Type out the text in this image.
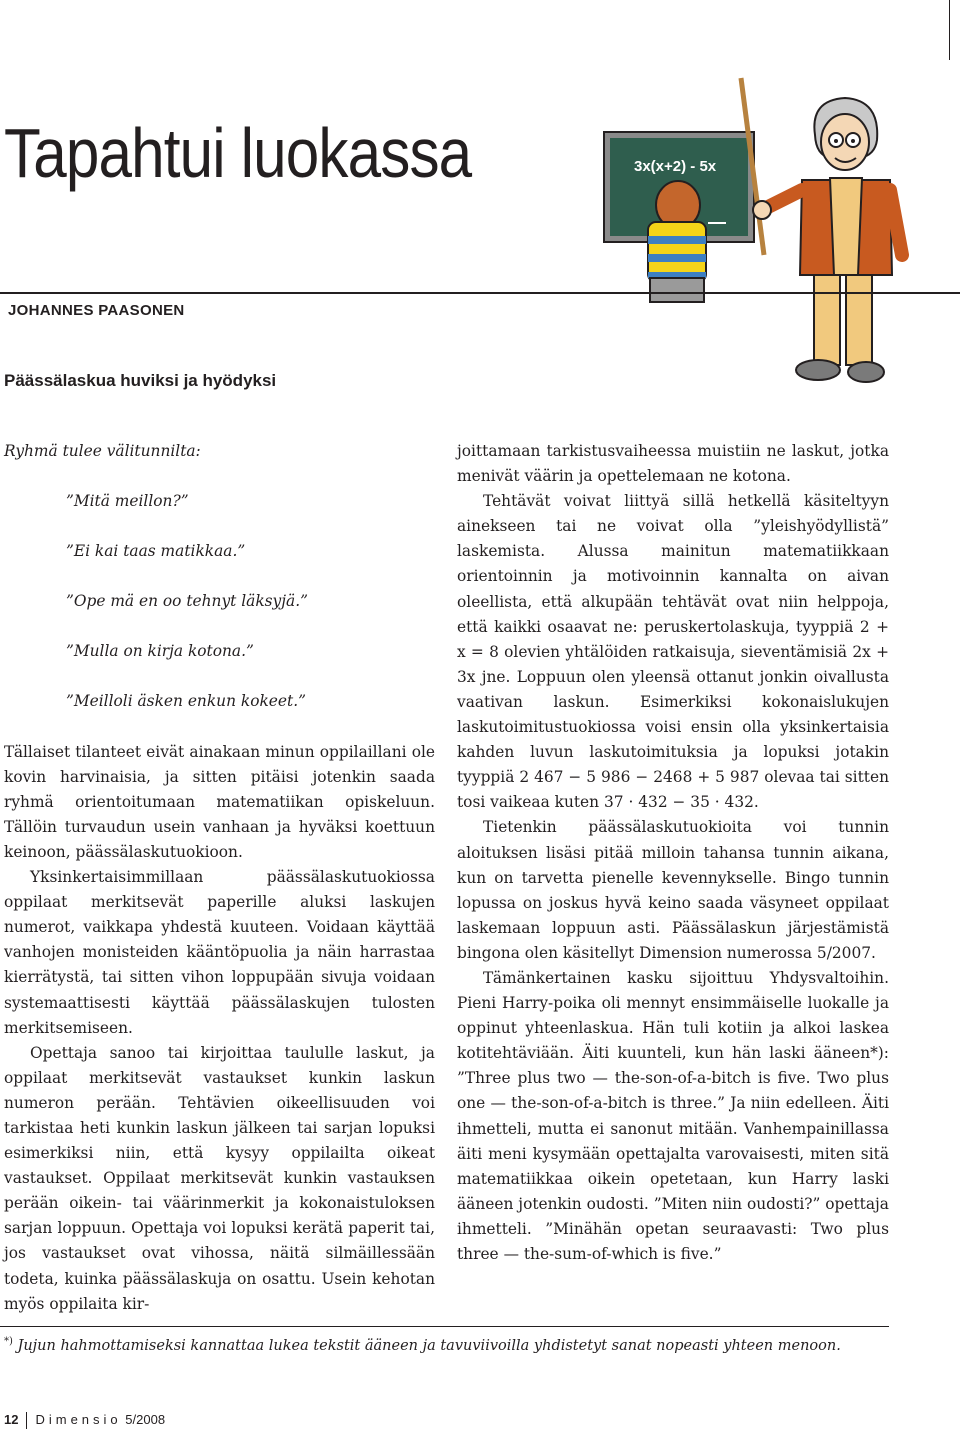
Tapahtui luokassa	3x(x+2) - 5x
JOHANNES PAASONEN
Päässälaskua huviksi ja hyödyksi

Ryhmä tulee välitunnilta:

”Mitä meillon?”

”Ei kai taas matikkaa.”

”Ope mä en oo tehnyt läksyjä.”

”Mulla on kirja kotona.”

”Meilloli äsken enkun kokeet.”

Tällaiset tilanteet eivät ainakaan minun oppilaillani ole kovin harvinaisia, ja sitten pitäisi jotenkin saada ryhmä orientoitumaan matematiikan opiskeluun. Tällöin turvaudun usein vanhaan ja hyväksi koettuun keinoon, päässälaskutuokioon.

Yksinkertaisimmillaan päässälaskutuokiossa oppilaat merkitsevät paperille aluksi laskujen numerot, vaikkapa yhdestä kuuteen. Voidaan käyttää vanhojen monisteiden kääntöpuolia ja näin harrastaa kierrätystä, tai sitten vihon loppupään sivuja voidaan systemaattisesti käyttää päässälaskujen tulosten merkitsemiseen.

Opettaja sanoo tai kirjoittaa taululle laskut, ja oppilaat merkitsevät vastaukset kunkin laskun numeron perään. Tehtävien oikeellisuuden voi tarkistaa heti kunkin laskun jälkeen tai sarjan lopuksi esimerkiksi niin, että kysyy oppilailta oikeat vastaukset. Oppilaat merkitsevät kunkin vastauksen perään oikein- tai väärinmerkit ja kokonaistuloksen sarjan loppuun. Opettaja voi lopuksi kerätä paperit tai, jos vastaukset ovat vihossa, näitä silmäillessään todeta, kuinka päässälaskuja on osattu. Usein kehotan myös oppilaita kir-

joittamaan tarkistusvaiheessa muistiin ne laskut, jotka menivät väärin ja opettelemaan ne kotona.

Tehtävät voivat liittyä sillä hetkellä käsiteltyyn ainekseen tai ne voivat olla ”yleishyödyllistä” laskemista. Alussa mainitun matematiikkaan orientoinnin ja motivoinnin kannalta on aivan oleellista, että alkupään tehtävät ovat niin helppoja, että kaikki osaavat ne: peruskertolaskuja, tyyppiä 2 + x = 8 olevien yhtälöiden ratkaisuja, sieventämisiä 2x + 3x jne. Loppuun olen yleensä ottanut jonkin oivallusta vaativan laskun. Esimerkiksi kokonaislukujen laskutoimitustuokiossa voisi ensin olla yksinkertaisia kahden luvun laskutoimituksia ja lopuksi jotakin tyyppiä 2 467 − 5 986 − 2468 + 5 987 olevaa tai sitten tosi vaikeaa kuten 37 · 432 − 35 · 432.

Tietenkin päässälaskutuokioita voi tunnin aloituksen lisäsi pitää milloin tahansa tunnin aikana, kun on tarvetta pienelle kevennykselle. Bingo tunnin lopussa on joskus hyvä keino saada väsyneet oppilaat laskemaan loppuun asti. Päässälaskun järjestämistä bingona olen käsitellyt Dimension numerossa 5/2007.

Tämänkertainen kasku sijoittuu Yhdysvaltoihin. Pieni Harry-poika oli mennyt ensimmäiselle luokalle ja oppinut yhteenlaskua. Hän tuli kotiin ja alkoi laskea kotitehtäviään. Äiti kuunteli, kun hän laski ääneen*): ”Three plus two — the-son-of-a-bitch is five. Two plus one — the-son-of-a-bitch is three.” Ja niin edelleen. Äiti ihmetteli, mutta ei sanonut mitään. Vanhempainillassa äiti meni kysymään opettajalta varovaisesti, miten sitä matematiikkaa oikein opetetaan, kun Harry laski ääneen jotenkin oudosti. ”Miten niin oudosti?” opettaja ihmetteli. ”Minähän opetan seuraavasti: Two plus three — the-sum-of-which is five.”

*) Jujun hahmottamiseksi kannattaa lukea tekstit ääneen ja tavuviivoilla yhdistetyt sanat nopeasti yhteen menoon.
12 Dimensio 5/2008
